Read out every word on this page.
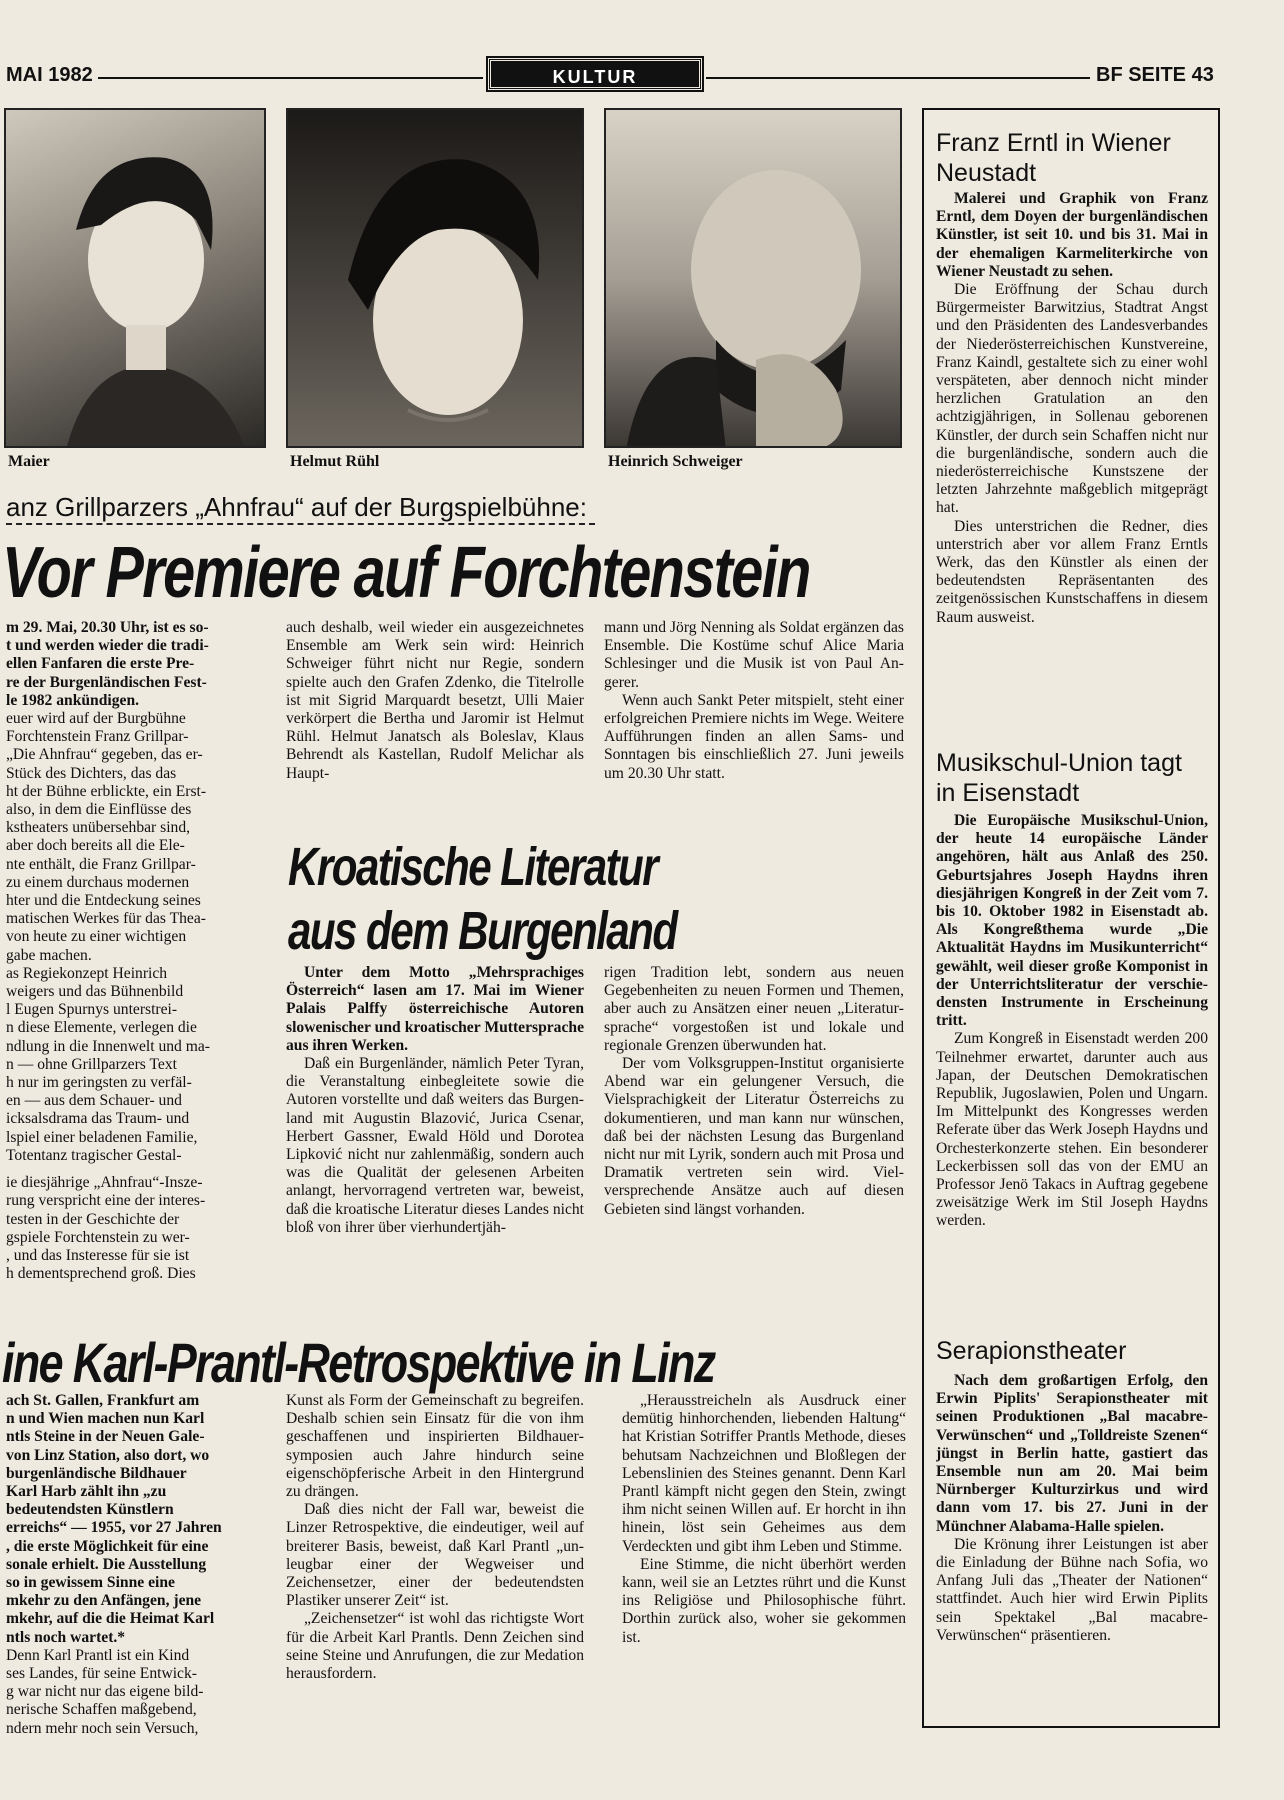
MAI 1982	KULTUR	BF SEITE 43
Maier	Helmut Rühl	Heinrich Schweiger
anz Grillparzers „Ahnfrau“ auf der Burgspielbühne:
Vor Premiere auf Forchtenstein
m 29. Mai, 20.30 Uhr, ist es so-
t und werden wieder die tradi-
ellen Fanfaren die erste Pre-
re der Burgenländischen Fest-
le 1982 ankündigen.
euer wird auf der Burgbühne
Forchtenstein Franz Grillpar-
„Die Ahnfrau“ gegeben, das er-
Stück des Dichters, das das
ht der Bühne erblickte, ein Erst-
also, in dem die Einflüsse des
kstheaters unübersehbar sind,
aber doch bereits all die Ele-
nte enthält, die Franz Grillpar-
zu einem durchaus modernen
hter und die Entdeckung seines
matischen Werkes für das Thea-
von heute zu einer wichtigen
gabe machen.
as Regiekonzept Heinrich
weigers und das Bühnenbild
l Eugen Spurnys unterstrei-
n diese Elemente, verlegen die
ndlung in die Innenwelt und ma-
n — ohne Grillparzers Text
h nur im geringsten zu verfäl-
en — aus dem Schauer- und
icksalsdrama das Traum- und
lspiel einer beladenen Familie,
Totentanz tragischer Gestal-

ie diesjährige „Ahnfrau“-Insze-
rung verspricht eine der interes-
testen in der Geschichte der
gspiele Forchtenstein zu wer-
, und das Insteresse für sie ist
h dementsprechend groß. Dies

auch deshalb, weil wieder ein ausgezeichnetes Ensemble am Werk sein wird: Heinrich Schweiger führt nicht nur Regie, sondern spielte auch den Grafen Zdenko, die Titelrolle ist mit Sigrid Marquardt besetzt, Ulli Maier verkörpert die Bertha und Jaromir ist Helmut Rühl. Helmut Janatsch als Boleslav, Klaus Behrendt als Kastellan, Rudolf Melichar als Haupt-

mann und Jörg Nenning als Soldat ergänzen das Ensemble. Die Kostüme schuf Alice Maria Schlesinger und die Musik ist von Paul Angerer.

Wenn auch Sankt Peter mitspielt, steht einer erfolgreichen Premiere nichts im Wege. Weitere Aufführungen finden an allen Sams- und Sonntagen bis einschließlich 27. Juni jeweils um 20.30 Uhr statt.

Kroatische Literatur
aus dem Burgenland

Unter dem Motto „Mehrsprachiges Österreich“ lasen am 17. Mai im Wiener Palais Palffy österreichische Autoren slowenischer und kroatischer Muttersprache aus ihren Werken.

Daß ein Burgenländer, nämlich Peter Tyran, die Veranstaltung einbegleitete sowie die Autoren vorstellte und daß weiters das Burgenland mit Augustin Blazović, Jurica Csenar, Herbert Gassner, Ewald Höld und Dorotea Lipković nicht nur zahlenmäßig, sondern auch was die Qualität der gelesenen Arbeiten anlangt, hervorragend vertreten war, beweist, daß die kroatische Literatur dieses Landes nicht bloß von ihrer über vierhundertjäh-

rigen Tradition lebt, sondern aus neuen Gegebenheiten zu neuen Formen und Themen, aber auch zu Ansätzen einer neuen „Literatursprache“ vorgestoßen ist und lokale und regionale Grenzen überwunden hat.

Der vom Volksgruppen-Institut organisierte Abend war ein gelungener Versuch, die Vielsprachigkeit der Literatur Österreichs zu dokumentieren, und man kann nur wünschen, daß bei der nächsten Lesung das Burgenland nicht nur mit Lyrik, sondern auch mit Prosa und Dramatik vertreten sein wird. Vielversprechende Ansätze auch auf diesen Gebieten sind längst vorhanden.

ine Karl-Prantl-Retrospektive in Linz
ach St. Gallen, Frankfurt am
n und Wien machen nun Karl
ntls Steine in der Neuen Gale-
von Linz Station, also dort, wo
burgenländische Bildhauer
Karl Harb zählt ihn „zu
bedeutendsten Künstlern
erreichs“ — 1955, vor 27 Jahren
, die erste Möglichkeit für eine
sonale erhielt. Die Ausstellung
so in gewissem Sinne eine
mkehr zu den Anfängen, jene
mkehr, auf die die Heimat Karl
ntls noch wartet.*
Denn Karl Prantl ist ein Kind
ses Landes, für seine Entwick-
g war nicht nur das eigene bild-
nerische Schaffen maßgebend,
ndern mehr noch sein Versuch,

Kunst als Form der Gemeinschaft zu begreifen. Deshalb schien sein Einsatz für die von ihm geschaffenen und inspirierten Bildhauersymposien auch Jahre hindurch seine eigenschöpferische Arbeit in den Hintergrund zu drängen.

Daß dies nicht der Fall war, beweist die Linzer Retrospektive, die eindeutiger, weil auf breiterer Basis, beweist, daß Karl Prantl „unleugbar einer der Wegweiser und Zeichensetzer, einer der bedeutendsten Plastiker unserer Zeit“ ist.

„Zeichensetzer“ ist wohl das richtigste Wort für die Arbeit Karl Prantls. Denn Zeichen sind seine Steine und Anrufungen, die zur Medation herausfordern.

„Herausstreicheln als Ausdruck einer demütig hinhorchenden, liebenden Haltung“ hat Kristian Sotriffer Prantls Methode, dieses behutsam Nachzeichnen und Bloßlegen der Lebenslinien des Steines genannt. Denn Karl Prantl kämpft nicht gegen den Stein, zwingt ihm nicht seinen Willen auf. Er horcht in ihn hinein, löst sein Geheimes aus dem Verdeckten und gibt ihm Leben und Stimme.

Eine Stimme, die nicht überhört werden kann, weil sie an Letztes rührt und die Kunst ins Religiöse und Philosophische führt. Dorthin zurück also, woher sie gekommen ist.

Franz Erntl in Wiener Neustadt

Malerei und Graphik von Franz Erntl, dem Doyen der burgenländischen Künstler, ist seit 10. und bis 31. Mai in der ehemaligen Karmeliterkirche von Wiener Neustadt zu sehen.

Die Eröffnung der Schau durch Bürgermeister Barwitzius, Stadtrat Angst und den Präsidenten des Landesverbandes der Niederösterreichischen Kunstvereine, Franz Kaindl, gestaltete sich zu einer wohl verspäteten, aber dennoch nicht minder herzlichen Gratulation an den achtzigjährigen, in Sollenau geborenen Künstler, der durch sein Schaffen nicht nur die burgenländische, sondern auch die niederösterreichische Kunstszene der letzten Jahrzehnte maßgeblich mitgeprägt hat.

Dies unterstrichen die Redner, dies unterstrich aber vor allem Franz Erntls Werk, das den Künstler als einen der bedeutendsten Repräsentanten des zeitgenössischen Kunstschaffens in diesem Raum ausweist.

Musikschul-Union tagt in Eisenstadt

Die Europäische Musikschul-Union, der heute 14 europäische Länder angehören, hält aus Anlaß des 250. Geburtsjahres Joseph Haydns ihren diesjährigen Kongreß in der Zeit vom 7. bis 10. Oktober 1982 in Eisenstadt ab. Als Kongreßthema wurde „Die Aktualität Haydns im Musikunterricht“ gewählt, weil dieser große Komponist in der Unterrichtsliteratur der verschiedensten Instrumente in Erscheinung tritt.

Zum Kongreß in Eisenstadt werden 200 Teilnehmer erwartet, darunter auch aus Japan, der Deutschen Demokratischen Republik, Jugoslawien, Polen und Ungarn. Im Mittelpunkt des Kongresses werden Referate über das Werk Joseph Haydns und Orchesterkonzerte stehen. Ein besonderer Leckerbissen soll das von der EMU an Professor Jenö Takacs in Auftrag gegebene zweisätzige Werk im Stil Joseph Haydns werden.

Serapionstheater

Nach dem großartigen Erfolg, den Erwin Piplits' Serapionstheater mit seinen Produktionen „Bal macabre-Verwünschen“ und „Tolldreiste Szenen“ jüngst in Berlin hatte, gastiert das Ensemble nun am 20. Mai beim Nürnberger Kulturzirkus und wird dann vom 17. bis 27. Juni in der Münchner Alabama-Halle spielen.

Die Krönung ihrer Leistungen ist aber die Einladung der Bühne nach Sofia, wo Anfang Juli das „Theater der Nationen“ stattfindet. Auch hier wird Erwin Piplits sein Spektakel „Bal macabre-Verwünschen“ präsentieren.
